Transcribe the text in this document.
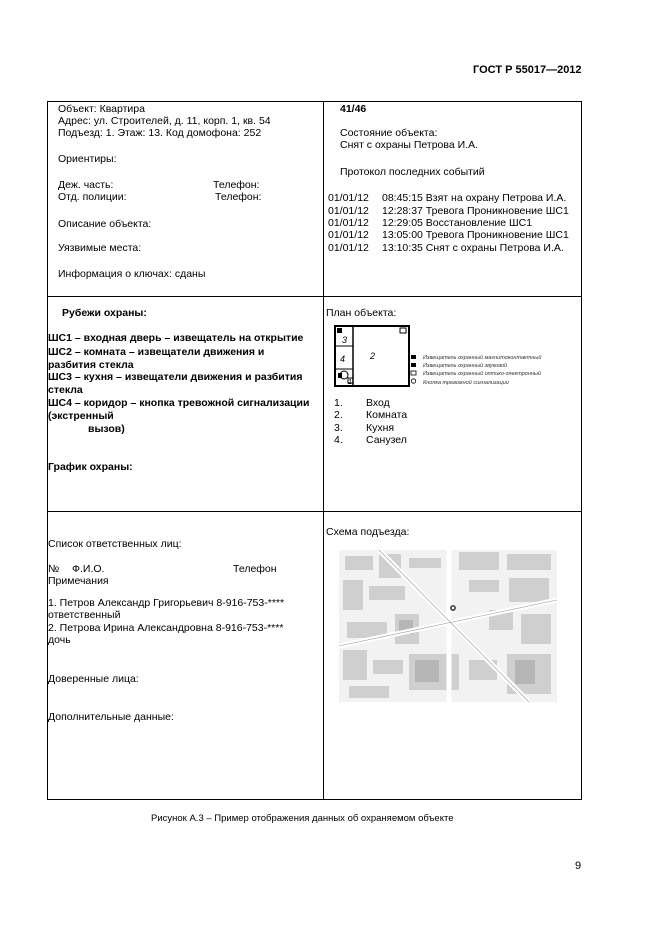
ГОСТ Р 55017—2012
Объект: Квартира
Адрес: ул. Строителей, д. 11, корп. 1, кв. 54
Подъезд: 1. Этаж: 13. Код домофона: 252
Ориентиры:
Деж. часть:	Телефон:
Отд. полиции:	Телефон:
Описание объекта:
Уязвимые места:
Информация о ключах: сданы
41/46
Состояние объекта:
Снят с охраны Петрова И.А.
Протокол последних событий
01/01/12 08:45:15 Взят на охрану Петрова И.А.
01/01/12 12:28:37 Тревога Проникновение ШС1
01/01/12 12:29:05 Восстановление ШС1
01/01/12 13:05:00 Тревога Проникновение ШС1
01/01/12 13:10:35 Снят с охраны Петрова И.А.
Рубежи охраны:
ШС1 – входная дверь – извещатель на открытие
ШС2 – комната – извещатели движения и
разбития стекла
ШС3 – кухня – извещатели движения и разбития
стекла
ШС4 – коридор – кнопка тревожной сигнализации
(экстренный
вызов)
График охраны:
План объекта:
3
4	2
1
Извещатель охранный магнитоконтактный
Извещатель охранный звуковой
Извещатель охранный оптико-электронный
Кнопка тревожной сигнализации
1. Вход
2. Комната
3. Кухня
4. Санузел
Список ответственных лиц:
№ Ф.И.О.	Телефон
Примечания
1. Петров Александр Григорьевич 8-916-753-****
ответственный
2. Петрова Ирина Александровна 8-916-753-****
дочь
Доверенные лица:
Дополнительные данные:
Схема подъезда:
Рисунок А.3 – Пример отображения данных об охраняемом объекте
9
